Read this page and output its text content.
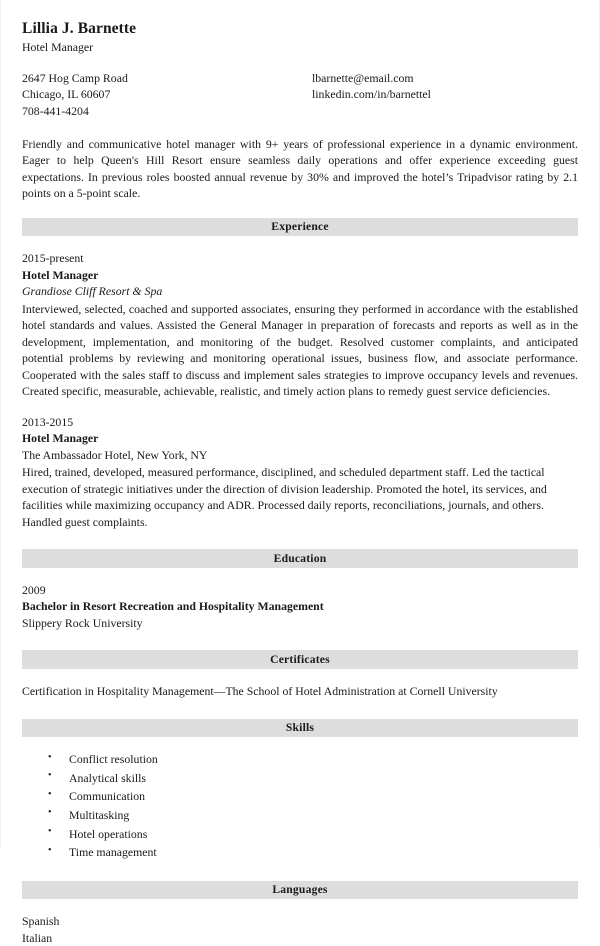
Lillia J. Barnette
Hotel Manager
2647 Hog Camp Road
Chicago, IL 60607
708-441-4204
lbarnette@email.com
linkedin.com/in/barnettel
Friendly and communicative hotel manager with 9+ years of professional experience in a dynamic environment. Eager to help Queen's Hill Resort ensure seamless daily operations and offer experience exceeding guest expectations. In previous roles boosted annual revenue by 30% and improved the hotel’s Tripadvisor rating by 2.1 points on a 5-point scale.
Experience
2015-present
Hotel Manager
Grandiose Cliff Resort & Spa
Interviewed, selected, coached and supported associates, ensuring they performed in accordance with the established hotel standards and values. Assisted the General Manager in preparation of forecasts and reports as well as in the development, implementation, and monitoring of the budget. Resolved customer complaints, and anticipated potential problems by reviewing and monitoring operational issues, business flow, and associate performance. Cooperated with the sales staff to discuss and implement sales strategies to improve occupancy levels and revenues. Created specific, measurable, achievable, realistic, and timely action plans to remedy guest service deficiencies.
2013-2015
Hotel Manager
The Ambassador Hotel, New York, NY
Hired, trained, developed, measured performance, disciplined, and scheduled department staff. Led the tactical execution of strategic initiatives under the direction of division leadership. Promoted the hotel, its services, and facilities while maximizing occupancy and ADR. Processed daily reports, reconciliations, journals, and others. Handled guest complaints.
Education
2009
Bachelor in Resort Recreation and Hospitality Management
Slippery Rock University
Certificates
Certification in Hospitality Management—The School of Hotel Administration at Cornell University
Skills
• Conflict resolution
• Analytical skills
• Communication
• Multitasking
• Hotel operations
• Time management
Languages
Spanish
Italian
